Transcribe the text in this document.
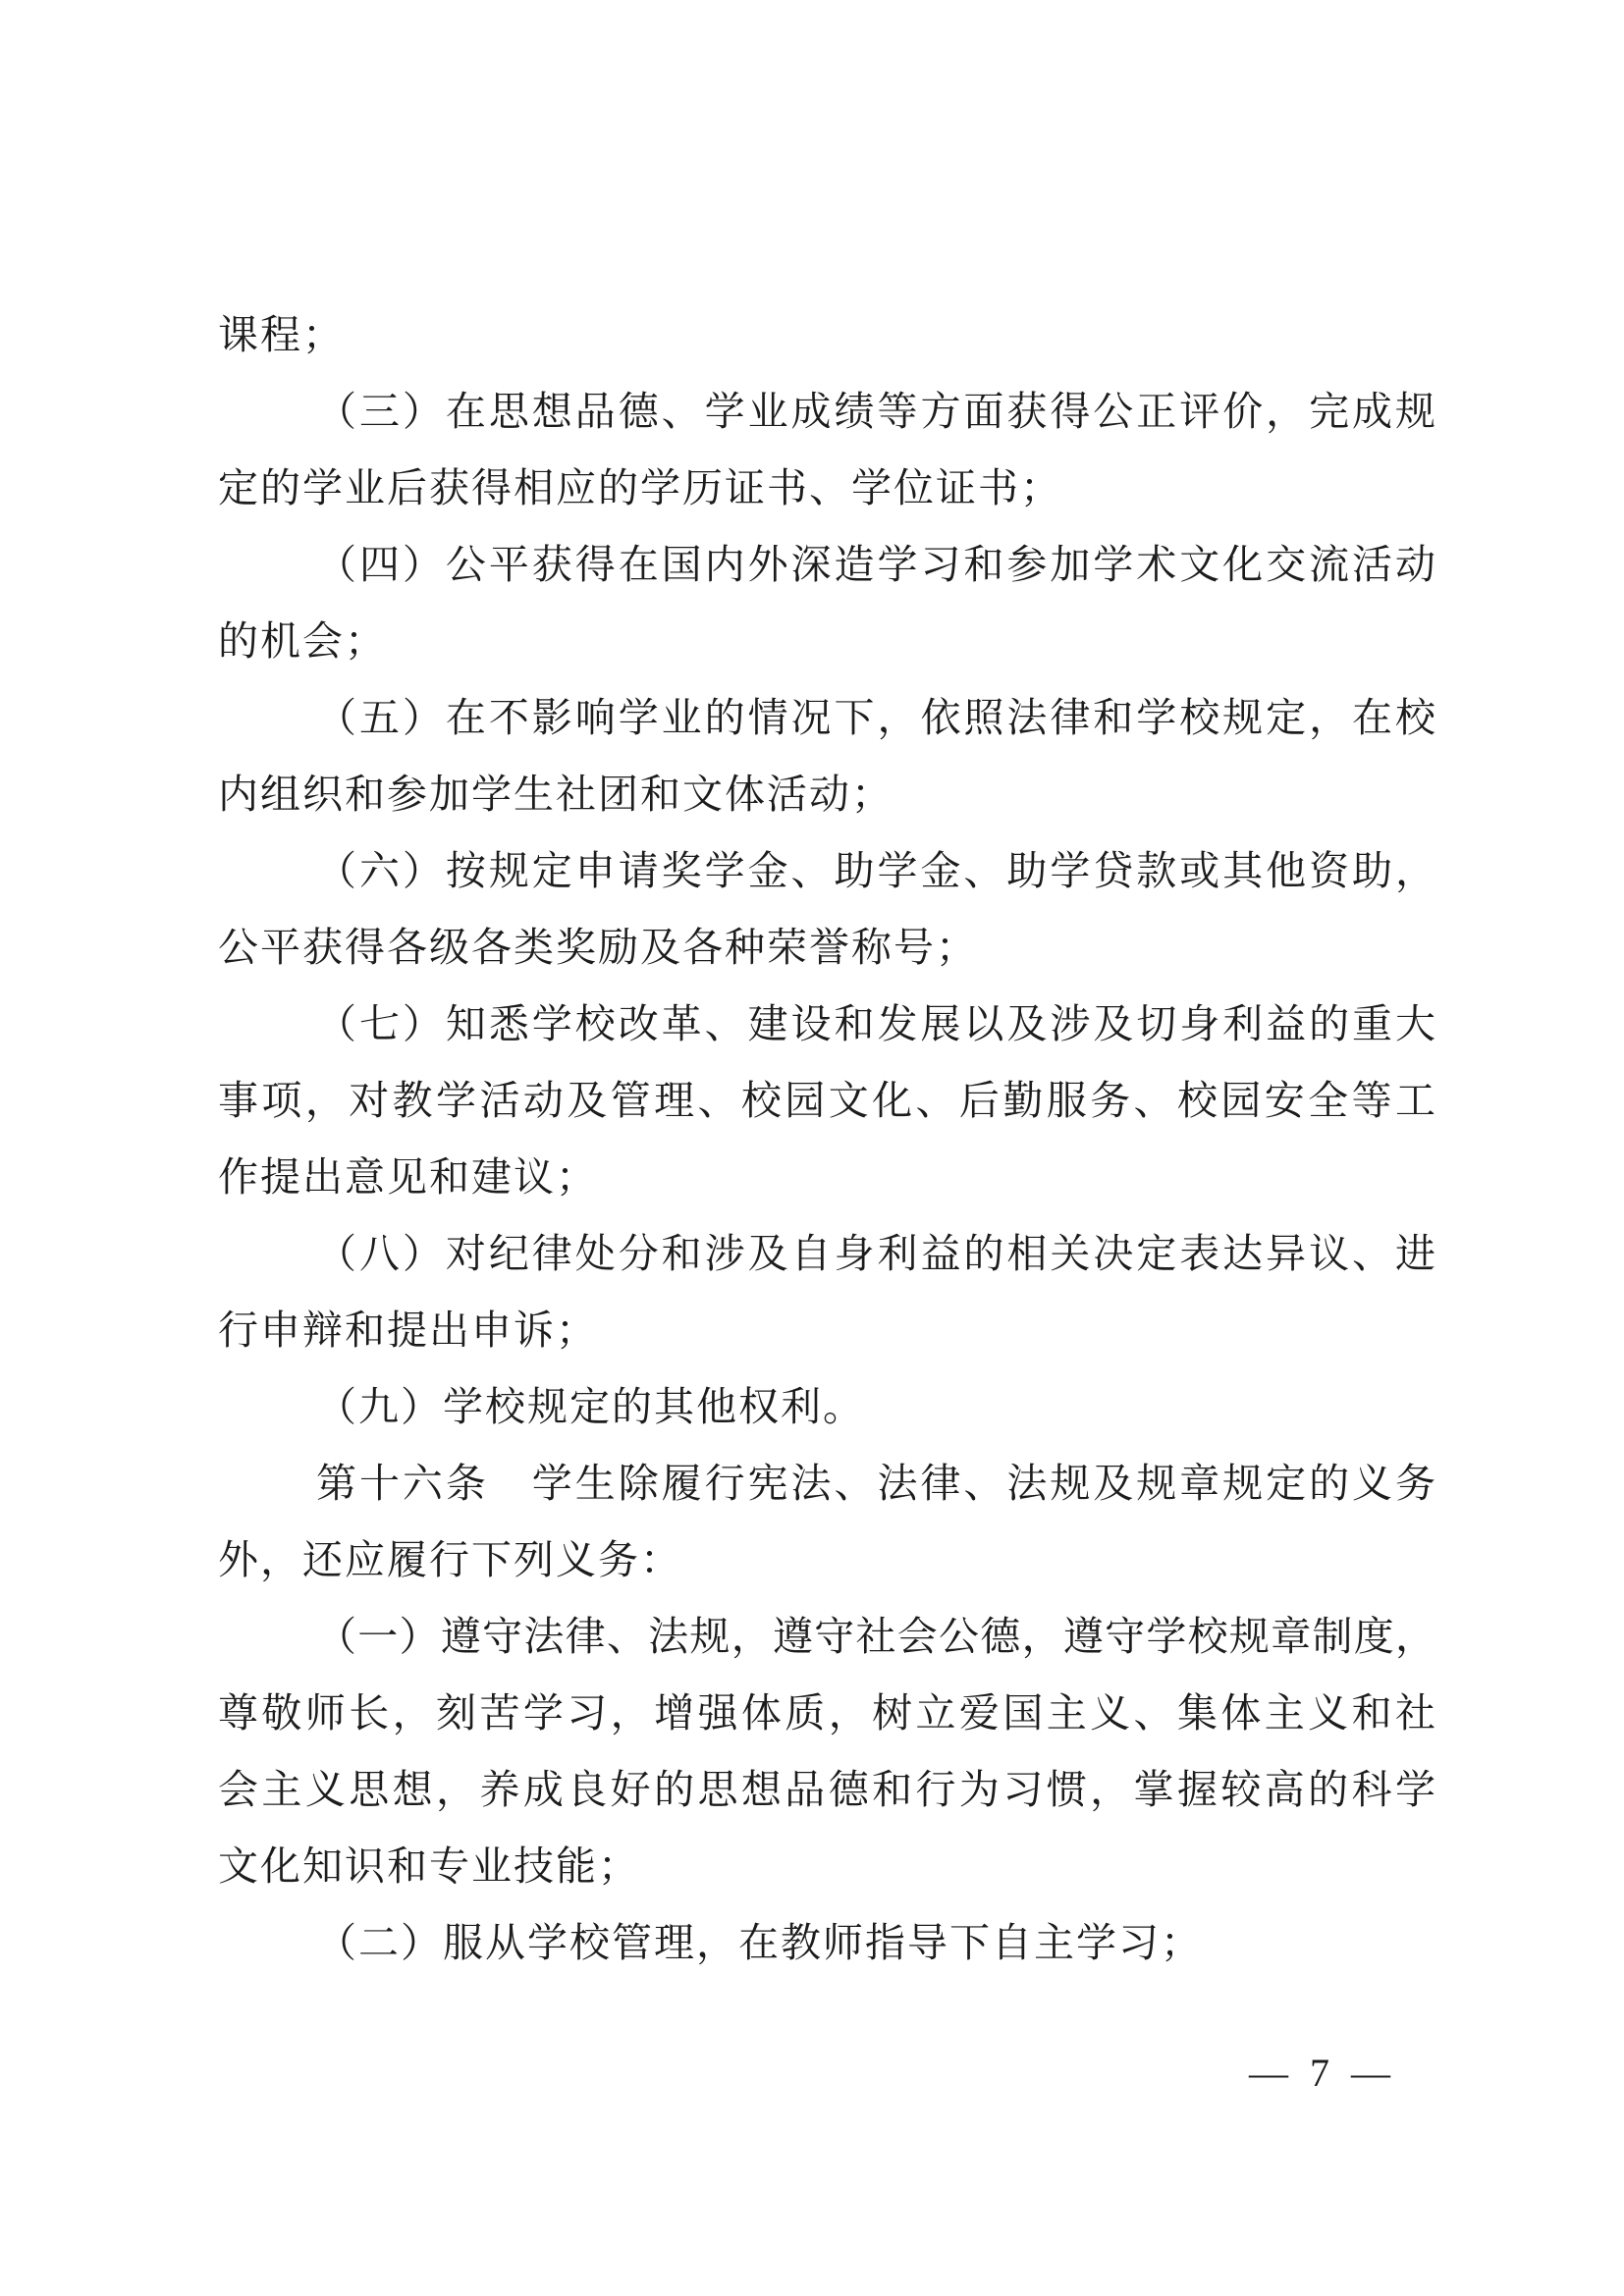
课程；
（三）在思想品德、学业成绩等方面获得公正评价，完成规
定的学业后获得相应的学历证书、学位证书；
（四）公平获得在国内外深造学习和参加学术文化交流活动
的机会；
（五）在不影响学业的情况下，依照法律和学校规定，在校
内组织和参加学生社团和文体活动；
（六）按规定申请奖学金、助学金、助学贷款或其他资助，
公平获得各级各类奖励及各种荣誉称号；
（七）知悉学校改革、建设和发展以及涉及切身利益的重大
事项，对教学活动及管理、校园文化、后勤服务、校园安全等工
作提出意见和建议；
（八）对纪律处分和涉及自身利益的相关决定表达异议、进
行申辩和提出申诉；
（九）学校规定的其他权利。
第十六条　学生除履行宪法、法律、法规及规章规定的义务
外，还应履行下列义务：
（一）遵守法律、法规，遵守社会公德，遵守学校规章制度，
尊敬师长，刻苦学习，增强体质，树立爱国主义、集体主义和社
会主义思想，养成良好的思想品德和行为习惯，掌握较高的科学
文化知识和专业技能；
（二）服从学校管理，在教师指导下自主学习；
— 7 —
